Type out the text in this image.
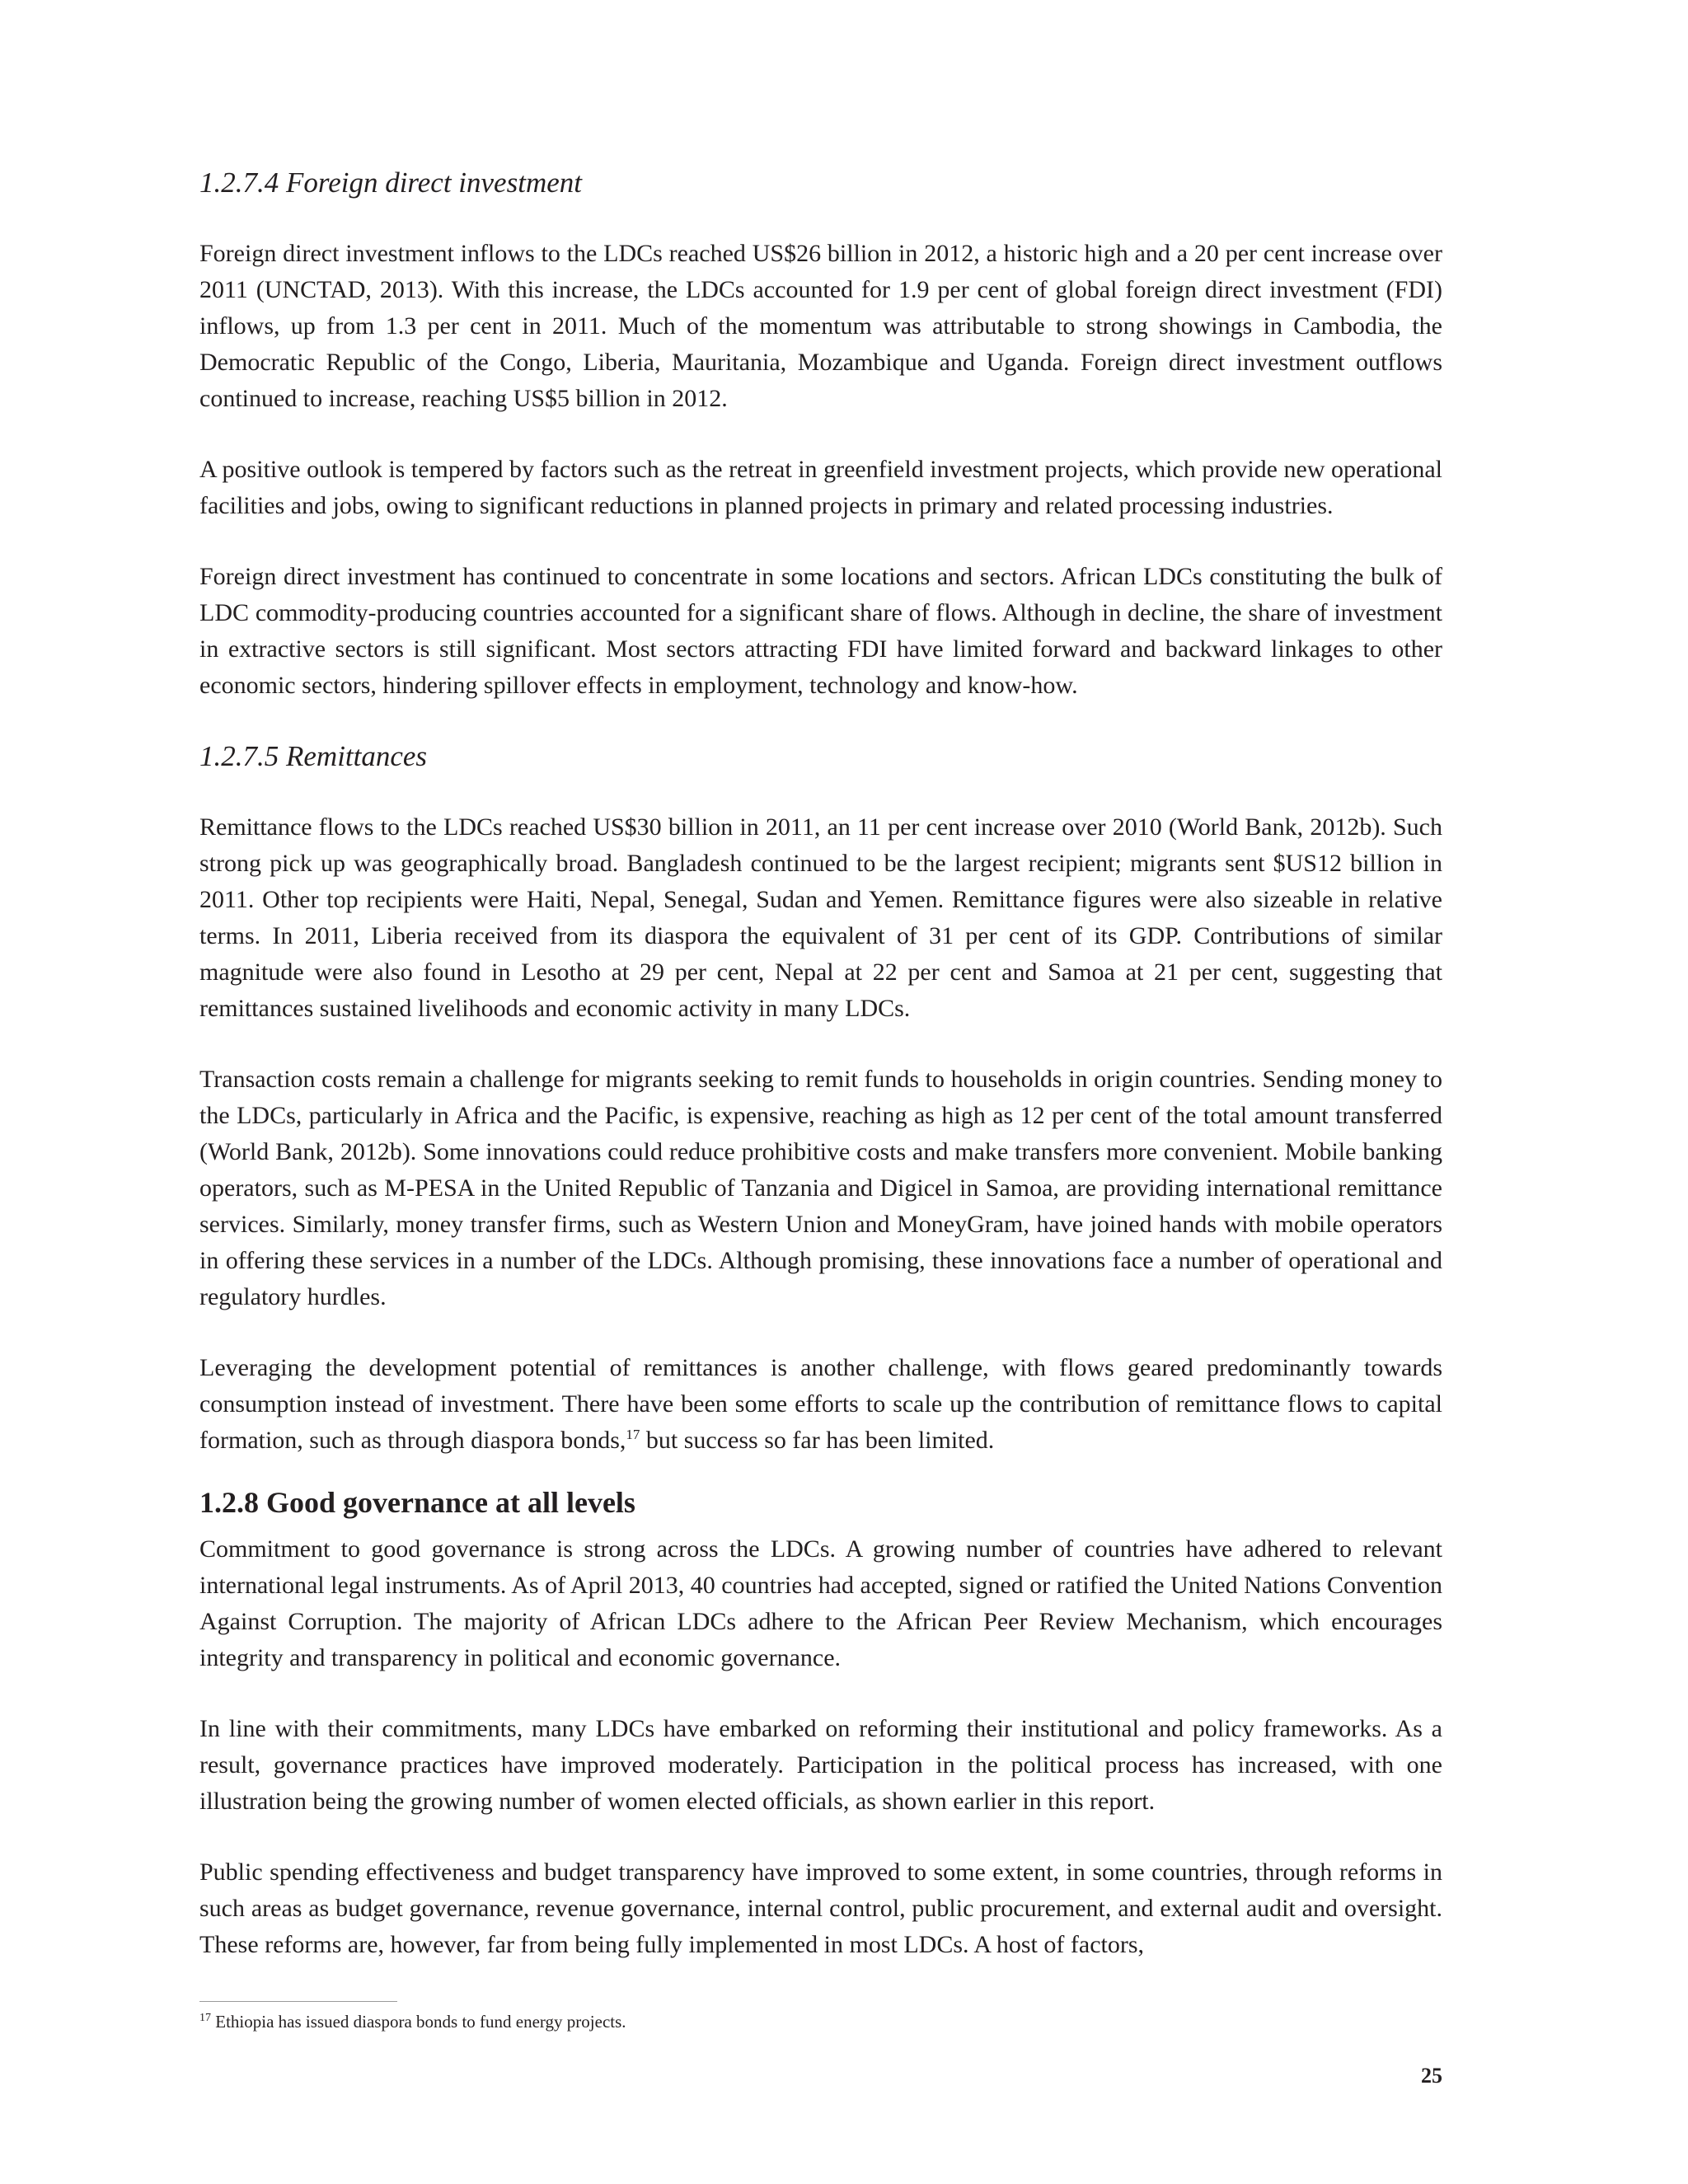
1.2.7.4 Foreign direct investment

Foreign direct investment inflows to the LDCs reached US$26 billion in 2012, a historic high and a 20 per cent increase over 2011 (UNCTAD, 2013). With this increase, the LDCs accounted for 1.9 per cent of global foreign direct investment (FDI) inflows, up from 1.3 per cent in 2011. Much of the momentum was attributable to strong showings in Cambodia, the Democratic Republic of the Congo, Liberia, Mauritania, Mozambique and Uganda. Foreign direct investment outflows continued to increase, reaching US$5 billion in 2012.

A positive outlook is tempered by factors such as the retreat in greenfield investment projects, which provide new operational facilities and jobs, owing to significant reductions in planned projects in primary and related processing industries.

Foreign direct investment has continued to concentrate in some locations and sectors. African LDCs constituting the bulk of LDC commodity-producing countries accounted for a significant share of flows. Although in decline, the share of investment in extractive sectors is still significant. Most sectors attracting FDI have limited forward and backward linkages to other economic sectors, hindering spillover effects in employment, technology and know-how.

1.2.7.5 Remittances

Remittance flows to the LDCs reached US$30 billion in 2011, an 11 per cent increase over 2010 (World Bank, 2012b). Such strong pick up was geographically broad. Bangladesh continued to be the largest recipient; migrants sent $US12 billion in 2011. Other top recipients were Haiti, Nepal, Senegal, Sudan and Yemen. Remittance figures were also sizeable in relative terms. In 2011, Liberia received from its diaspora the equivalent of 31 per cent of its GDP. Contributions of similar magnitude were also found in Lesotho at 29 per cent, Nepal at 22 per cent and Samoa at 21 per cent, suggesting that remittances sustained livelihoods and economic activity in many LDCs.

Transaction costs remain a challenge for migrants seeking to remit funds to households in origin countries. Sending money to the LDCs, particularly in Africa and the Pacific, is expensive, reaching as high as 12 per cent of the total amount transferred (World Bank, 2012b). Some innovations could reduce prohibitive costs and make transfers more convenient. Mobile banking operators, such as M-PESA in the United Republic of Tanzania and Digicel in Samoa, are providing international remittance services. Similarly, money transfer firms, such as Western Union and MoneyGram, have joined hands with mobile operators in offering these services in a number of the LDCs. Although promising, these innovations face a number of operational and regulatory hurdles.

Leveraging the development potential of remittances is another challenge, with flows geared predominantly towards consumption instead of investment. There have been some efforts to scale up the contribution of remittance flows to capital formation, such as through diaspora bonds,$^{17}$ but success so far has been limited.

1.2.8 Good governance at all levels

Commitment to good governance is strong across the LDCs. A growing number of countries have adhered to relevant international legal instruments. As of April 2013, 40 countries had accepted, signed or ratified the United Nations Convention Against Corruption. The majority of African LDCs adhere to the African Peer Review Mechanism, which encourages integrity and transparency in political and economic governance.

In line with their commitments, many LDCs have embarked on reforming their institutional and policy frameworks. As a result, governance practices have improved moderately. Participation in the political process has increased, with one illustration being the growing number of women elected officials, as shown earlier in this report.

Public spending effectiveness and budget transparency have improved to some extent, in some countries, through reforms in such areas as budget governance, revenue governance, internal control, public procurement, and external audit and oversight. These reforms are, however, far from being fully implemented in most LDCs. A host of factors,

$^{17}$ Ethiopia has issued diaspora bonds to fund energy projects.
25
